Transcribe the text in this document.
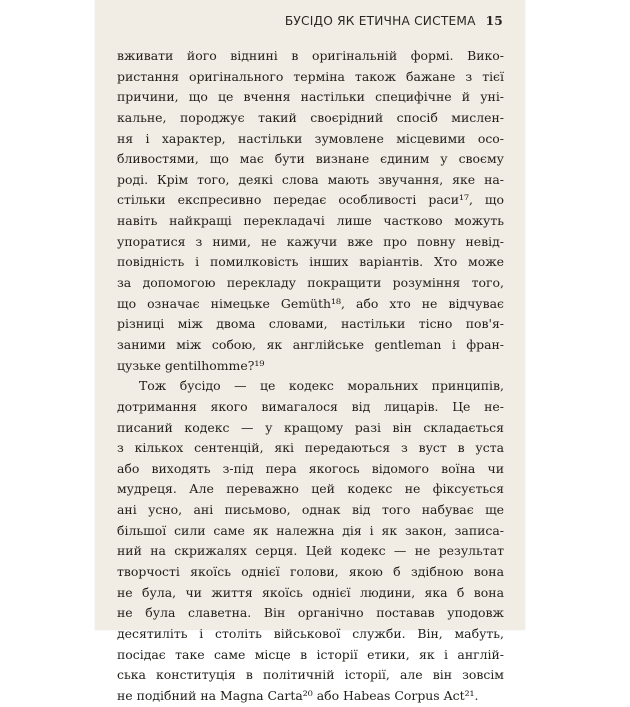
БУСІДО ЯК ЕТИЧНА СИСТЕМА 15
вживати його віднині в оригінальній формі. Вико-
ристання оригінального терміна також бажане з тієї
причини, що це вчення настільки специфічне й уні-
кальне, породжує такий своєрідний спосіб мислен-
ня і характер, настільки зумовлене місцевими осо-
бливостями, що має бути визнане єдиним у своєму
роді. Крім того, деякі слова мають звучання, яке на-
стільки експресивно передає особливості раси¹⁷, що
навіть найкращі перекладачі лише частково можуть
упоратися з ними, не кажучи вже про повну невід-
повідність і помилковість інших варіантів. Хто може
за допомогою перекладу покращити розуміння того,
що означає німецьке Gemüth¹⁸, або хто не відчуває
різниці між двома словами, настільки тісно пов'я-
заними між собою, як англійське gentleman і фран-
цузьке gentilhomme?¹⁹
Тож бусідо — це кодекс моральних принципів,
дотримання якого вимагалося від лицарів. Це не-
писаний кодекс — у кращому разі він складається
з кількох сентенцій, які передаються з вуст в уста
або виходять з-під пера якогось відомого воїна чи
мудреця. Але переважно цей кодекс не фіксується
ані усно, ані письмово, однак від того набуває ще
більшої сили саме як належна дія і як закон, записа-
ний на скрижалях серця. Цей кодекс — не результат
творчості якоїсь однієї голови, якою б здібною вона
не була, чи життя якоїсь однієї людини, яка б вона
не була славетна. Він органічно поставав уподовж
десятиліть і століть військової служби. Він, мабуть,
посідає таке саме місце в історії етики, як і англій-
ська конституція в політичній історії, але він зовсім
не подібний на Magna Carta²⁰ або Habeas Corpus Act²¹.
